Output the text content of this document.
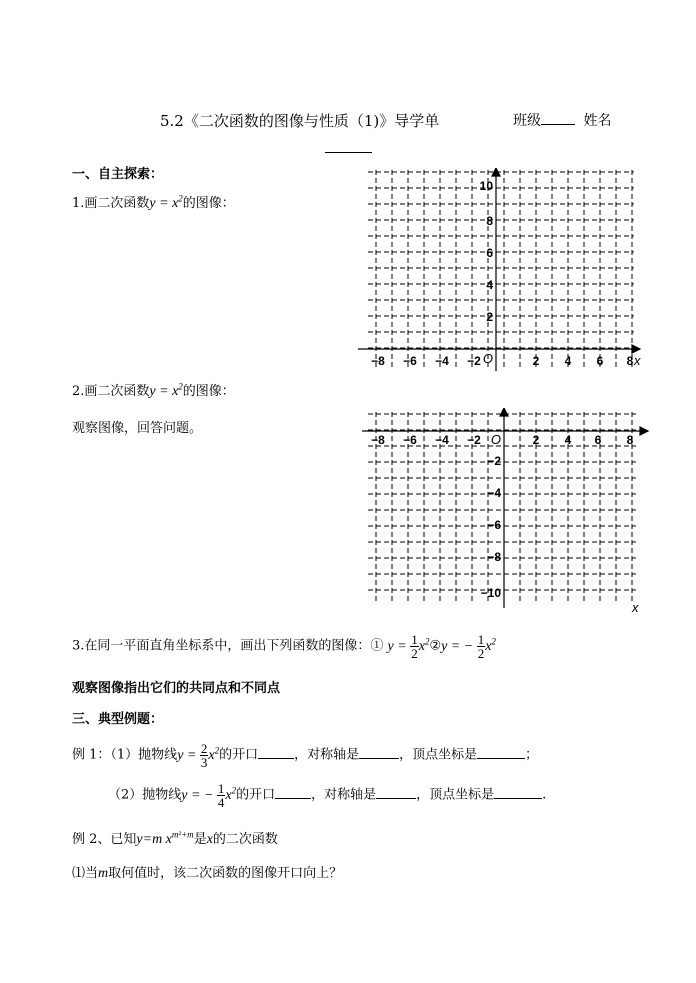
5.2《二次函数的图像与性质（1)》导学单	班级	姓名
一、自主探索：
1.画二次函数$y = x^2$的图像：
2.画二次函数$y = x^2$的图像：
观察图像，回答问题。
−8 −6 −4 −2	2 4 6 8
2
4
6
8
10
O	x
−8 −6 −4 −2	2 4 6 8
−2
−4
−6
−8
−10
O
x
3.在同一平面直角坐标系中，画出下列函数的图像：① $y = \frac{1}{2}$ $x^2②y$ = − $\frac{1}{2} x^2$
观察图像指出它们的共同点和不同点
三、典型例题：
例 1：（1）抛物线$y = \frac{2}{3} x^2$的开口	，对称轴是	，顶点坐标是	；
（2）抛物线y = − $\frac{1}{4} x^2$的开口	，对称轴是	，顶点坐标是	.
例 2、已知y=m $x^{m^2+m}$是x的二次函数
⑴当m取何值时，该二次函数的图像开口向上？
